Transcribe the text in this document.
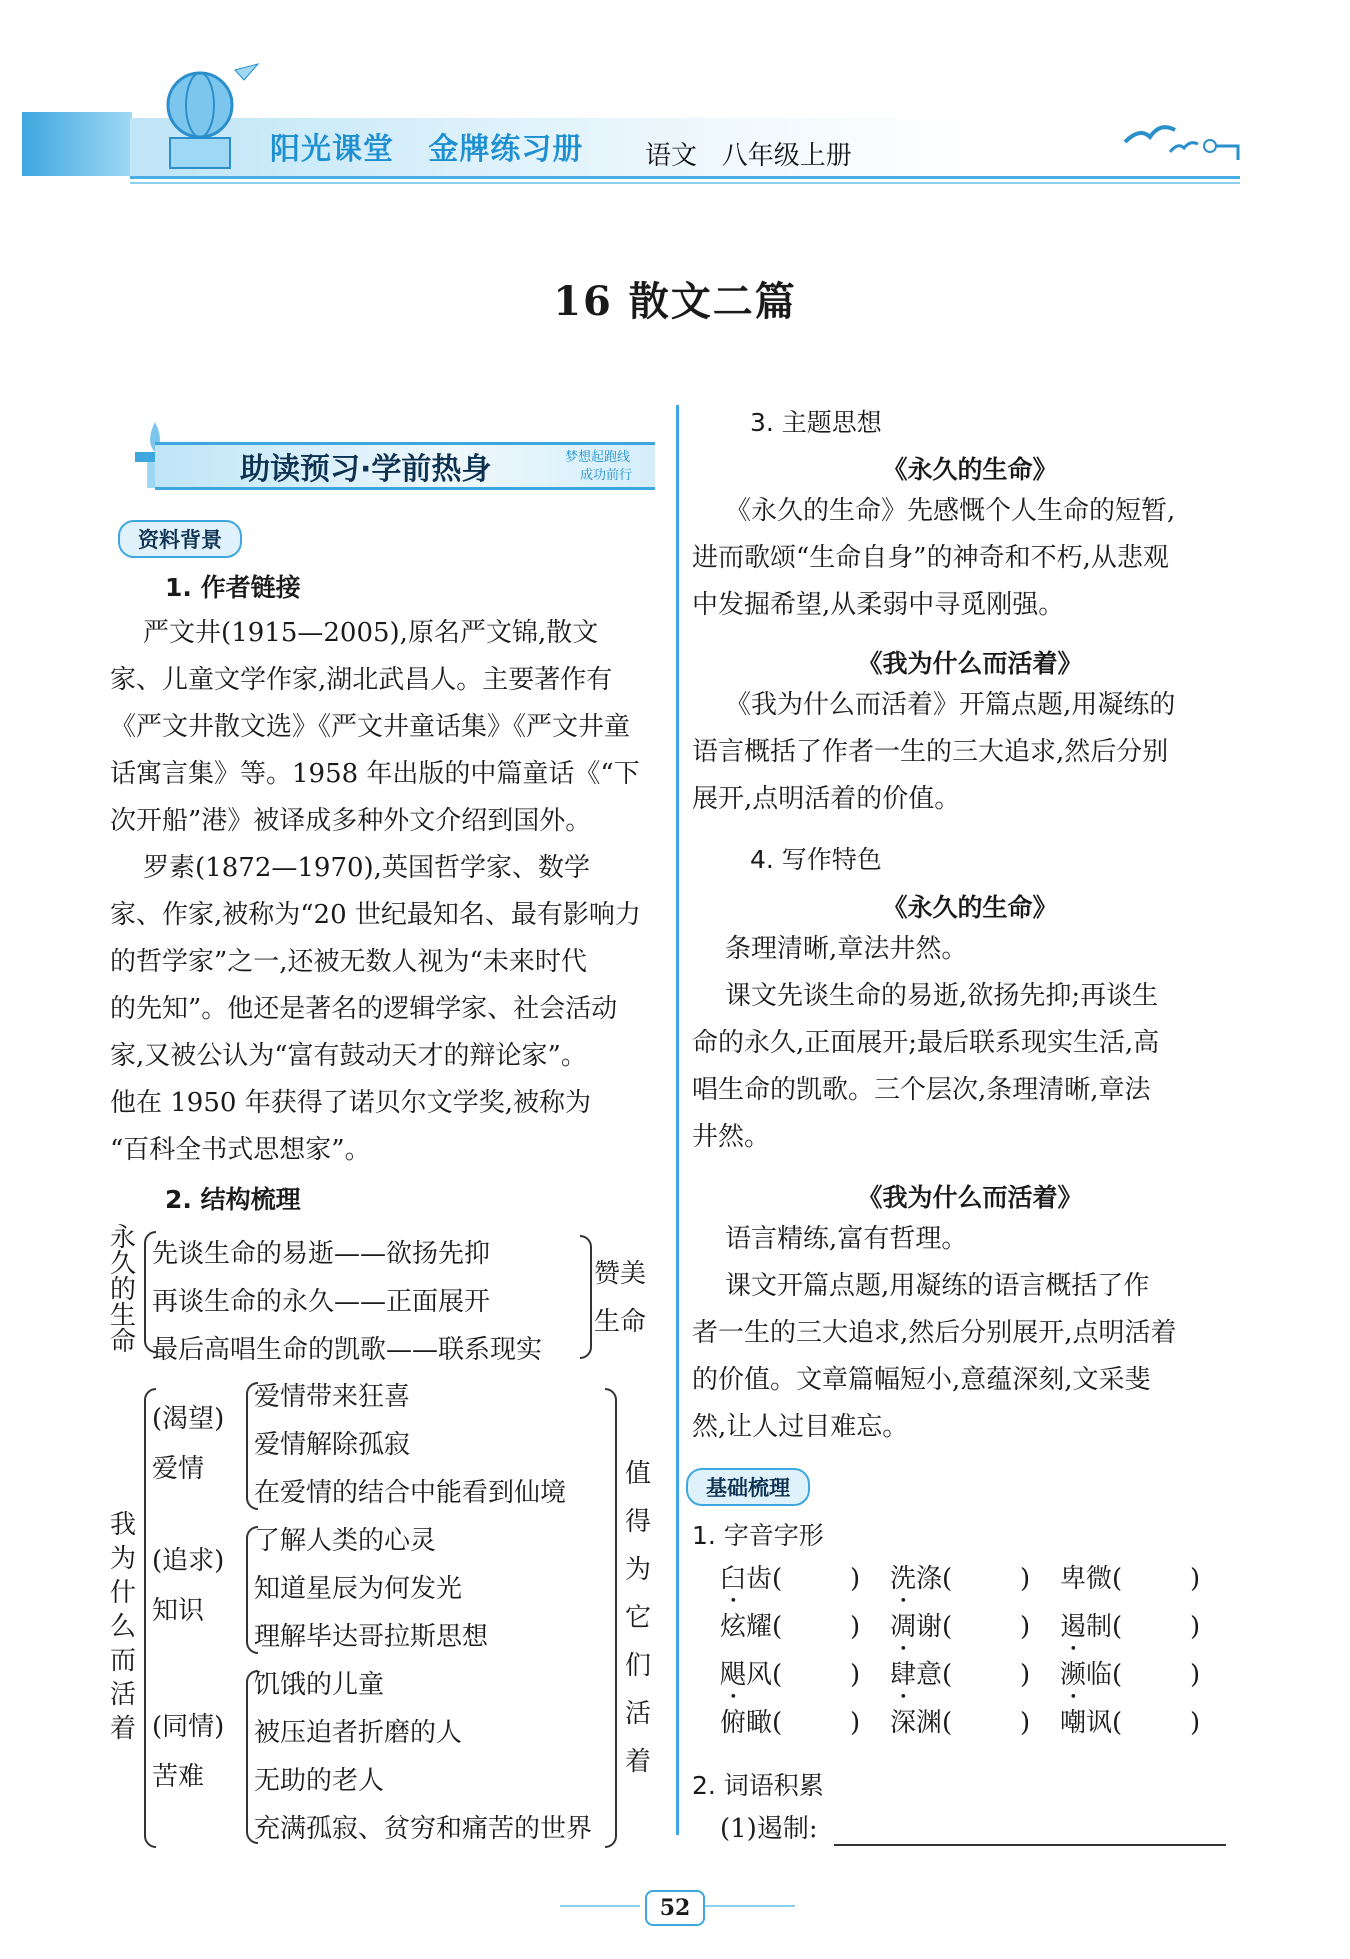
阳光课堂   金牌练习册 语文   八年级上册
16 散文二篇
助读预习·学前热身	梦想起跑线
成功前行
资料背景
1. 作者链接
严文井(1915—2005),原名严文锦,散文
家、儿童文学作家,湖北武昌人。主要著作有
《严文井散文选》《严文井童话集》《严文井童
话寓言集》等。1958 年出版的中篇童话《“下
次开船”港》被译成多种外文介绍到国外。
罗素(1872—1970),英国哲学家、数学
家、作家,被称为“20 世纪最知名、最有影响力
的哲学家”之一,还被无数人视为“未来时代
的先知”。他还是著名的逻辑学家、社会活动
家,又被公认为“富有鼓动天才的辩论家”。
他在 1950 年获得了诺贝尔文学奖,被称为
“百科全书式思想家”。
2. 结构梳理
永久的生命
先谈生命的易逝——欲扬先抑
再谈生命的永久——正面展开
最后高唱生命的凯歌——联系现实
赞美
生命
我为什么而活着
(渴望)
爱情
爱情带来狂喜
爱情解除孤寂
在爱情的结合中能看到仙境
(追求)
知识
了解人类的心灵
知道星辰为何发光
理解毕达哥拉斯思想
(同情)
苦难
饥饿的儿童
被压迫者折磨的人
无助的老人
充满孤寂、贫穷和痛苦的世界
值得为它们活着
3. 主题思想
《永久的生命》
《永久的生命》先感慨个人生命的短暂,
进而歌颂“生命自身”的神奇和不朽,从悲观
中发掘希望,从柔弱中寻觅刚强。
《我为什么而活着》
《我为什么而活着》开篇点题,用凝练的
语言概括了作者一生的三大追求,然后分别
展开,点明活着的价值。
4. 写作特色
《永久的生命》
条理清晰,章法井然。
课文先谈生命的易逝,欲扬先抑;再谈生
命的永久,正面展开;最后联系现实生活,高
唱生命的凯歌。三个层次,条理清晰,章法
井然。
《我为什么而活着》
语言精练,富有哲理。
课文开篇点题,用凝练的语言概括了作
者一生的三大追求,然后分别展开,点明活着
的价值。文章篇幅短小,意蕴深刻,文采斐
然,让人过目难忘。
基础梳理
1. 字音字形
臼齿(	) 洗涤(	) 卑微(	)
炫耀(	) 凋谢(	) 遏制(	)
飓风(	) 肆意(	) 濒临(	)
俯瞰(	) 深渊(	) 嘲讽(	)
2. 词语积累
(1)遏制:
52
